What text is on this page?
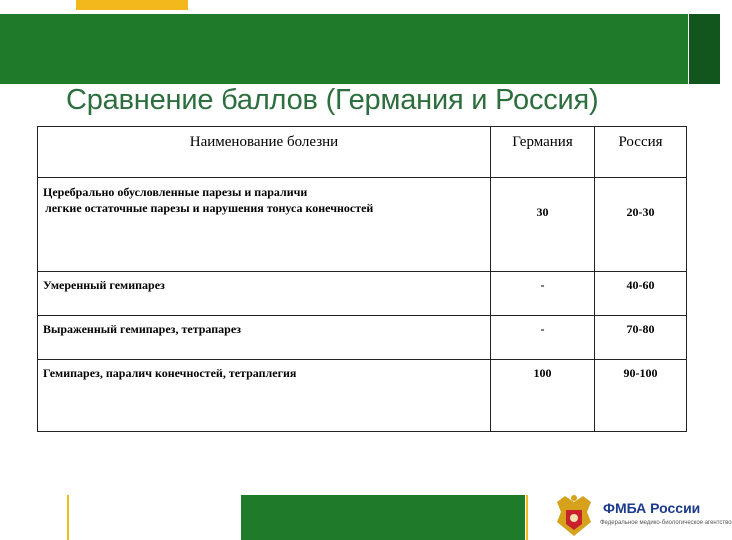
Сравнение баллов (Германия и Россия)
Наименование болезни	Германия	Россия
Церебрально обусловленные парезы и параличи
легкие остаточные парезы и нарушения тонуса конечностей	30	20-30
Умеренный гемипарез	-	40-60
Выраженный гемипарез, тетрапарез	-	70-80
Гемипарез, паралич конечностей, тетраплегия	100	90-100
ФМБА России
Федеральное медико-биологическое агентство
